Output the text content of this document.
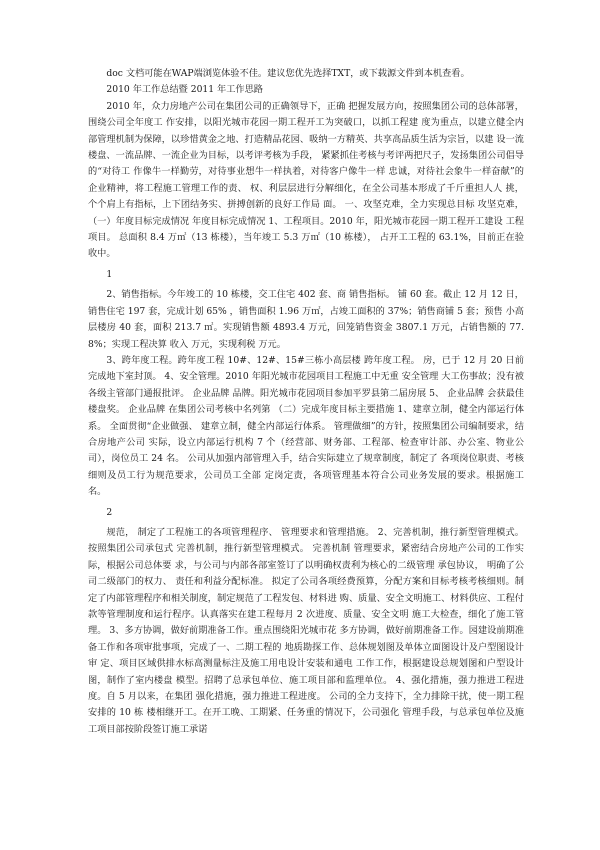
doc 文档可能在WAP端浏览体验不佳。建议您优先选择TXT，或下载源文件到本机查看。

2010 年工作总结暨 2011 年工作思路

2010 年，众力房地产公司在集团公司的正确领导下，正确 把握发展方向，按照集团公司的总体部署，围绕公司全年度工 作安排，以阳光城市花园一期工程开工为突破口，以抓工程建 度为重点，以建立健全内部管理机制为保障，以珍惜黄金之地、打造精品花园、吸纳一方精英、共享高品质生活为宗旨，以建 设一流楼盘、一流品牌、一流企业为目标，以考评考核为手段， 紧紧抓住考核与考评两把尺子，发扬集团公司倡导的“对待工 作像牛一样勤劳，对待事业想牛一样执着，对待客户像牛一样 忠诚，对待社会象牛一样奋献”的企业精神，将工程施工管理工作的责、 权、利层层进行分解细化，在全公司基本形成了千斤重担人人 挑，个个肩上有指标，上下团结务实、拼搏创新的良好工作局 面。 一、攻坚克难，全力实现总目标 攻坚克难，（一）年度目标完成情况 年度目标完成情况 1、工程项目。2010 年，阳光城市花园一期工程开工建设 工程项目。 总面积 8.4 万㎡（13 栋楼），当年竣工 5.3 万㎡（10 栋楼）， 占开工工程的 63.1%，目前正在验收中。

1

2、销售指标。今年竣工的 10 栋楼，交工住宅 402 套、商 销售指标。 铺 60 套。截止 12 月 12 日，销售住宅 197 套，完成计划 65% ，销售面积 1.96 万㎡，占竣工面积的 37%；销售商铺 5 套；预售 小高层楼房 40 套，面积 213.7 ㎡。实现销售额 4893.4 万元，回笼销售资金 3807.1 万元，占销售额的 77.8%；实现工程决算 收入 万元，实现利税 万元。

3、跨年度工程。跨年度工程 10#、12#、15#三栋小高层楼 跨年度工程。 房，已于 12 月 20 日前完成地下室封顶。 4、安全管理。2010 年阳光城市花园项目工程施工中无重 安全管理 大工伤事故；没有被各级主管部门通报批评。 企业品牌 品牌。阳光城市花园项目参加平罗县第二届房展 5、 企业品牌 会获最佳楼盘奖。 企业品牌 在集团公司考核中名列第 （二）完成年度目标主要措施 1、建章立制，健全内部运行体系。 全面贯彻“企业做强、 建章立制，健全内部运行体系。 管理做细”的方针，按照集团公司编制要求，结合房地产公司 实际，设立内部运行机构 7 个（经营部、财务部、工程部、检查审计部、办公室、物业公司），岗位员工 24 名。 公司从加强内部管理入手，结合实际建立了规章制度，制定了 各项岗位职责、考核细则及员工行为规范要求，公司员工全部 定岗定责，各项管理基本符合公司业务发展的要求。根据施工 名。

2

规范， 制定了工程施工的各项管理程序、 管理要求和管理措施。 2、完善机制，推行新型管理模式。按照集团公司承包式 完善机制，推行新型管理模式。 完善机制 管理要求，紧密结合房地产公司的工作实际，根据公司总体要 求，与公司与内部各部室签订了以明确权责利为核心的二级管理 承包协议， 明确了公司二级部门的权力、 责任和利益分配标准。 拟定了公司各项经费预算，分配方案和目标考核考核细则。制 定了内部管理程序和相关制度，制定规范了工程发包、材料进 购、质量、安全文明施工、材料供应、工程付款等管理制度和运行程序。认真落实在建工程每月 2 次进度、质量、安全文明 施工大检查，细化了施工管理。 3、多方协调，做好前期准备工作。重点围绕阳光城市花 多方协调，做好前期准备工作。园建设前期准备工作和各项审批事项，完成了一、二期工程的 地质勘探工作、总体规划图及单体立面图设计及户型图设计审 定、项目区域供排水标高测量标注及施工用电设计安装和通电 工作工作，根据建设总规划图和户型设计图，制作了室内楼盘 模型。招聘了总承包单位、施工项目部和监理单位。 4、强化措施，强力推进工程进度。自 5 月以来，在集团 强化措施，强力推进工程进度。 公司的全力支持下，全力排除干扰，使一期工程安排的 10 栋 楼相继开工。在开工晚、工期紧、任务重的情况下，公司强化 管理手段，与总承包单位及施工项目部按阶段签订施工承诺
